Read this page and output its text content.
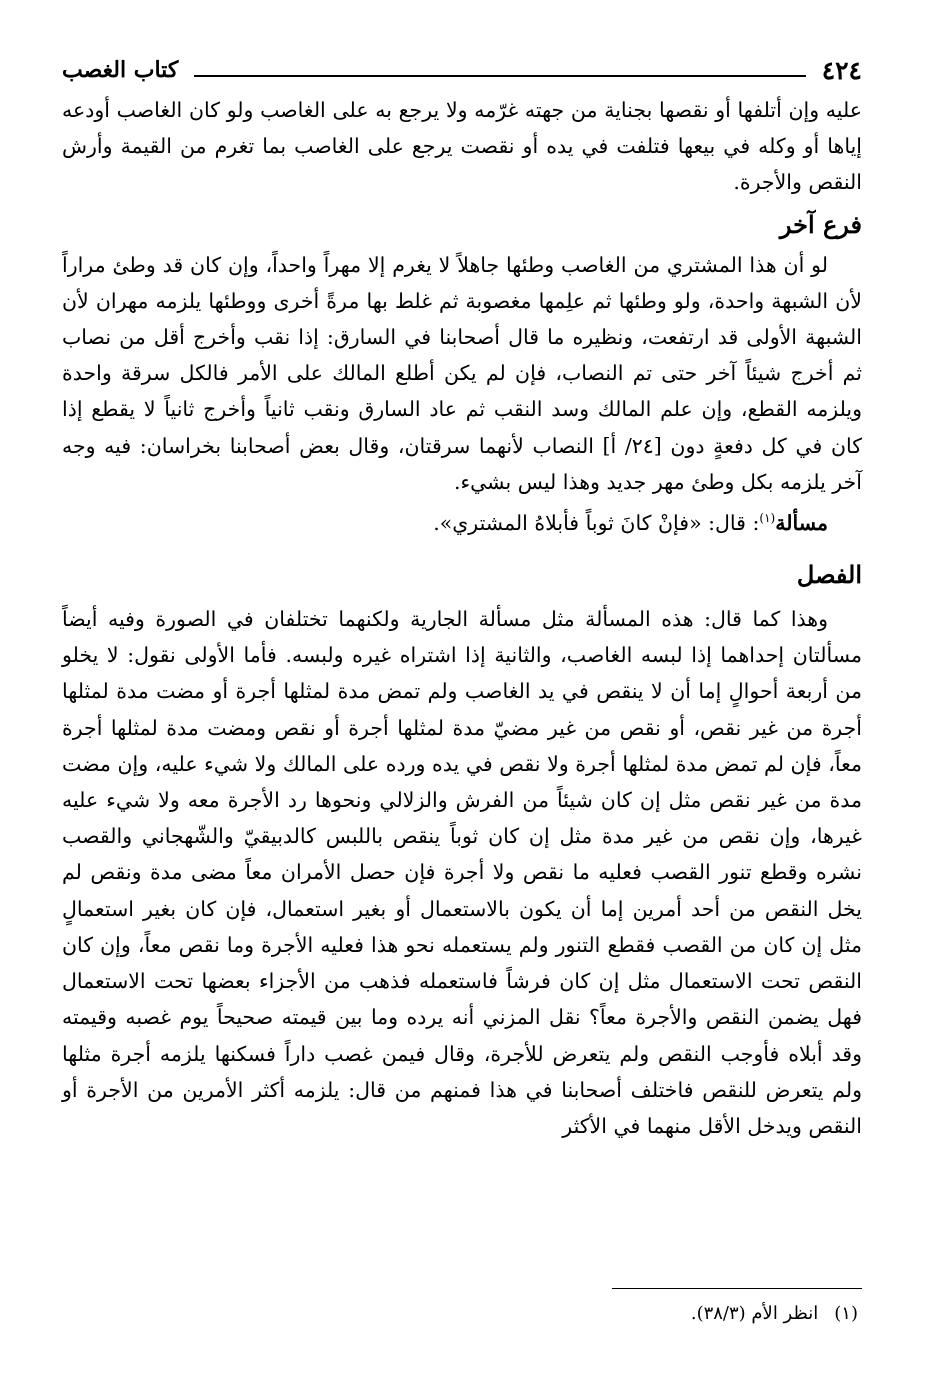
٤٢٤
كتاب الغصب

عليه وإن أتلفها أو نقصها بجناية من جهته غرّمه ولا يرجع به على الغاصب ولو كان الغاصب أودعه إياها أو وكله في بيعها فتلفت في يده أو نقصت يرجع على الغاصب بما تغرم من القيمة وأرش النقص والأجرة.

فرع آخر

لو أن هذا المشتري من الغاصب وطئها جاهلاً لا يغرم إلا مهراً واحداً، وإن كان قد وطئ مراراً لأن الشبهة واحدة، ولو وطئها ثم علِمها مغصوبة ثم غلط بها مرةً أخرى ووطئها يلزمه مهران لأن الشبهة الأولى قد ارتفعت، ونظيره ما قال أصحابنا في السارق: إذا نقب وأخرج أقل من نصاب ثم أخرج شيئاً آخر حتى تم النصاب، فإن لم يكن أطلع المالك على الأمر فالكل سرقة واحدة ويلزمه القطع، وإن علم المالك وسد النقب ثم عاد السارق ونقب ثانياً وأخرج ثانياً لا يقطع إذا كان في كل دفعةٍ دون [٢٤/ أ] النصاب لأنهما سرقتان، وقال بعض أصحابنا بخراسان: فيه وجه آخر يلزمه بكل وطئ مهر جديد وهذا ليس بشيء.

مسألة$^{(١)}$: قال: «فإنْ كانَ ثوباً فأبلاهُ المشتري».

الفصل

وهذا كما قال: هذه المسألة مثل مسألة الجارية ولكنهما تختلفان في الصورة وفيه أيضاً مسألتان إحداهما إذا لبسه الغاصب، والثانية إذا اشتراه غيره ولبسه. فأما الأولى نقول: لا يخلو من أربعة أحوالٍ إما أن لا ينقص في يد الغاصب ولم تمض مدة لمثلها أجرة أو مضت مدة لمثلها أجرة من غير نقص، أو نقص من غير مضيّ مدة لمثلها أجرة أو نقص ومضت مدة لمثلها أجرة معاً، فإن لم تمض مدة لمثلها أجرة ولا نقص في يده ورده على المالك ولا شيء عليه، وإن مضت مدة من غير نقص مثل إن كان شيئاً من الفرش والزلالي ونحوها رد الأجرة معه ولا شيء عليه غيرها، وإن نقص من غير مدة مثل إن كان ثوباً ينقص باللبس كالدبيقيّ والشّهجاني والقصب نشره وقطع تنور القصب فعليه ما نقص ولا أجرة فإن حصل الأمران معاً مضى مدة ونقص لم يخل النقص من أحد أمرين إما أن يكون بالاستعمال أو بغير استعمال، فإن كان بغير استعمالٍ مثل إن كان من القصب فقطع التنور ولم يستعمله نحو هذا فعليه الأجرة وما نقص معاً، وإن كان النقص تحت الاستعمال مثل إن كان فرشاً فاستعمله فذهب من الأجزاء بعضها تحت الاستعمال فهل يضمن النقص والأجرة معاً؟ نقل المزني أنه يرده وما بين قيمته صحيحاً يوم غصبه وقيمته وقد أبلاه فأوجب النقص ولم يتعرض للأجرة، وقال فيمن غصب داراً فسكنها يلزمه أجرة مثلها ولم يتعرض للنقص فاختلف أصحابنا في هذا فمنهم من قال: يلزمه أكثر الأمرين من الأجرة أو النقص ويدخل الأقل منهما في الأكثر

(١)انظر الأم (٣٨/٣).
